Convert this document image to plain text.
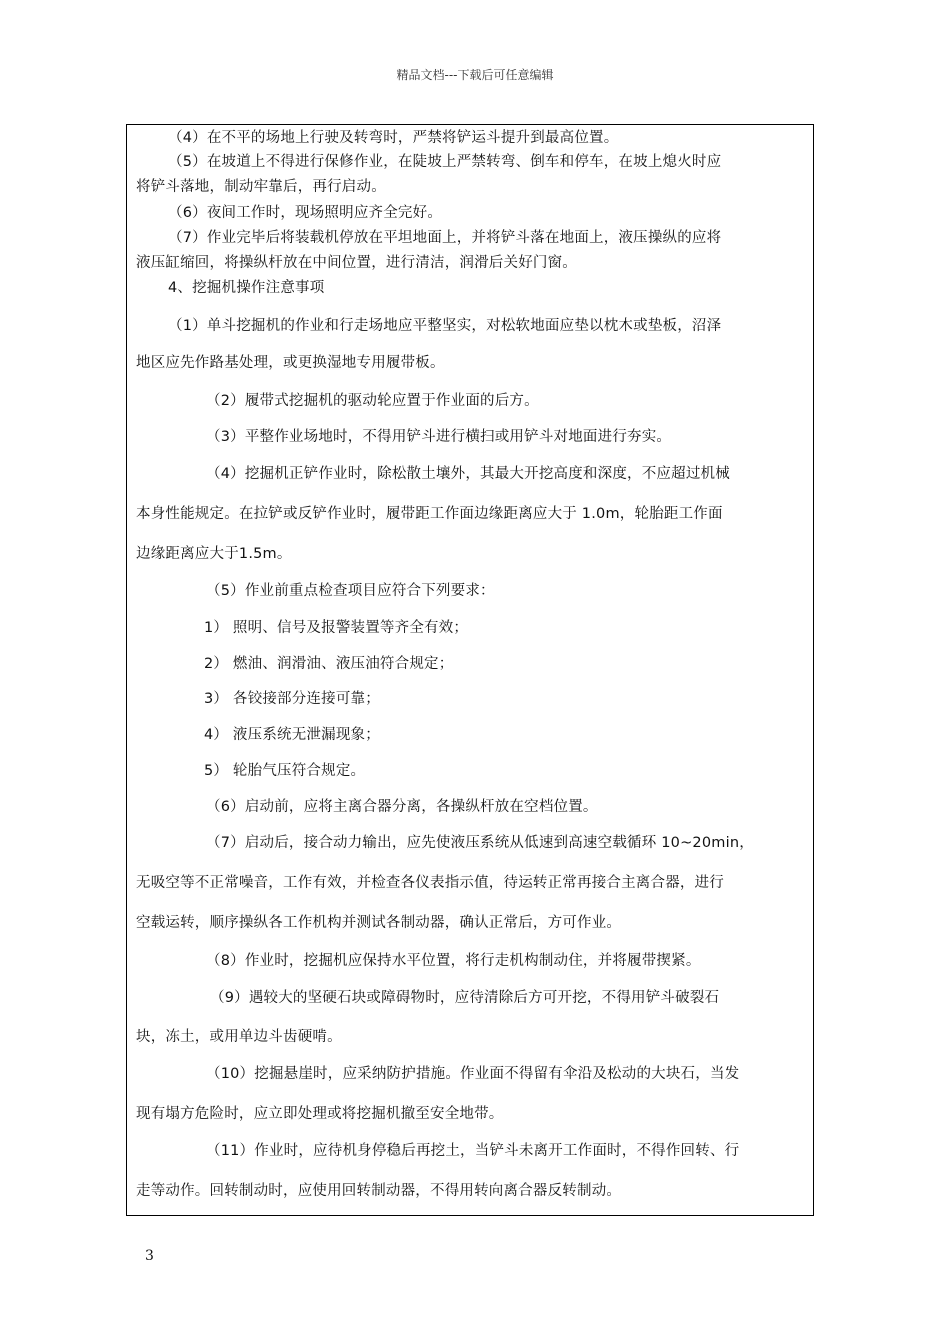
精品文档---下载后可任意编辑
（4）在不平的场地上行驶及转弯时，严禁将铲运斗提升到最高位置。
（5）在坡道上不得进行保修作业，在陡坡上严禁转弯、倒车和停车，在坡上熄火时应
将铲斗落地，制动牢靠后，再行启动。
（6）夜间工作时，现场照明应齐全完好。
（7）作业完毕后将装载机停放在平坦地面上，并将铲斗落在地面上，液压操纵的应将
液压缸缩回，将操纵杆放在中间位置，进行清洁，润滑后关好门窗。
4、挖掘机操作注意事项
（1）单斗挖掘机的作业和行走场地应平整坚实，对松软地面应垫以枕木或垫板，沼泽
地区应先作路基处理，或更换湿地专用履带板。
（2）履带式挖掘机的驱动轮应置于作业面的后方。
（3）平整作业场地时，不得用铲斗进行横扫或用铲斗对地面进行夯实。
（4）挖掘机正铲作业时，除松散土壤外，其最大开挖高度和深度，不应超过机械
本身性能规定。在拉铲或反铲作业时，履带距工作面边缘距离应大于 1.0m，轮胎距工作面
边缘距离应大于1.5m。
（5）作业前重点检查项目应符合下列要求：
1） 照明、信号及报警装置等齐全有效；
2） 燃油、润滑油、液压油符合规定；
3） 各铰接部分连接可靠；
4） 液压系统无泄漏现象；
5） 轮胎气压符合规定。
（6）启动前，应将主离合器分离，各操纵杆放在空档位置。
（7）启动后，接合动力输出，应先使液压系统从低速到高速空载循环 10~20min，
无吸空等不正常噪音，工作有效，并检查各仪表指示值，待运转正常再接合主离合器，进行
空载运转，顺序操纵各工作机构并测试各制动器，确认正常后，方可作业。
（8）作业时，挖掘机应保持水平位置，将行走机构制动住，并将履带揳紧。
（9）遇较大的坚硬石块或障碍物时，应待清除后方可开挖，不得用铲斗破裂石
块，冻土，或用单边斗齿硬啃。
（10）挖掘悬崖时，应采纳防护措施。作业面不得留有伞沿及松动的大块石，当发
现有塌方危险时，应立即处理或将挖掘机撤至安全地带。
（11）作业时，应待机身停稳后再挖土，当铲斗未离开工作面时，不得作回转、行
走等动作。回转制动时，应使用回转制动器，不得用转向离合器反转制动。
3
